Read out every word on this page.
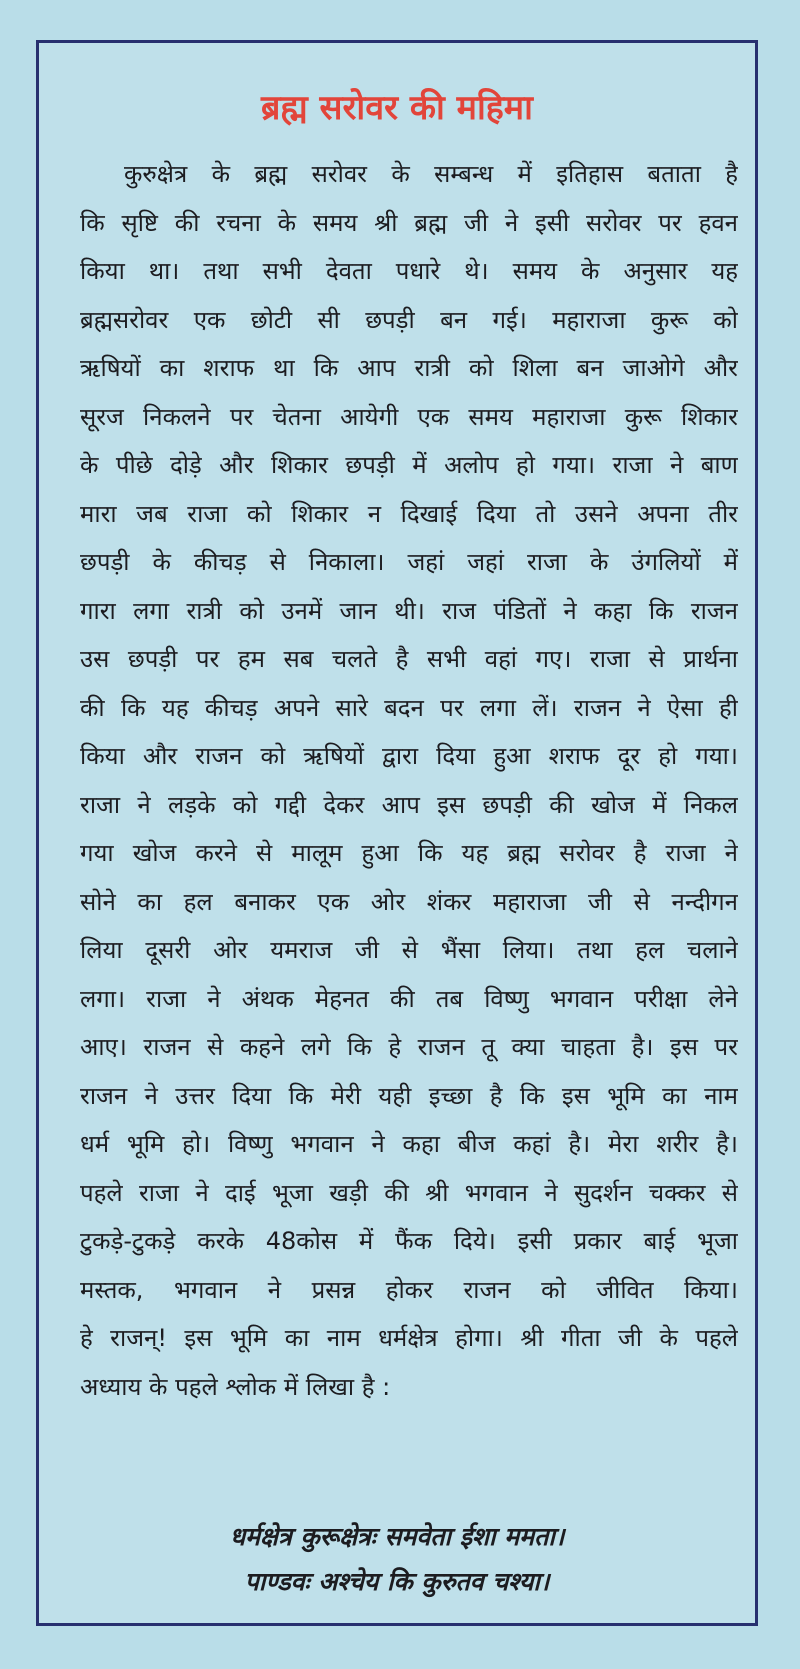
ब्रह्म सरोवर की महिमा
कुरुक्षेत्र के ब्रह्म सरोवर के सम्बन्ध में इतिहास बताता है
कि सृष्टि की रचना के समय श्री ब्रह्म जी ने इसी सरोवर पर हवन
किया था। तथा सभी देवता पधारे थे। समय के अनुसार यह
ब्रह्मसरोवर एक छोटी सी छपड़ी बन गई। महाराजा कुरू को
ऋषियों का शराफ था कि आप रात्री को शिला बन जाओगे और
सूरज निकलने पर चेतना आयेगी एक समय महाराजा कुरू शिकार
के पीछे दोड़े और शिकार छपड़ी में अलोप हो गया। राजा ने बाण
मारा जब राजा को शिकार न दिखाई दिया तो उसने अपना तीर
छपड़ी के कीचड़ से निकाला। जहां जहां राजा के उंगलियों में
गारा लगा रात्री को उनमें जान थी। राज पंडितों ने कहा कि राजन
उस छपड़ी पर हम सब चलते है सभी वहां गए। राजा से प्रार्थना
की कि यह कीचड़ अपने सारे बदन पर लगा लें। राजन ने ऐसा ही
किया और राजन को ऋषियों द्वारा दिया हुआ शराफ दूर हो गया।
राजा ने लड़के को गद्दी देकर आप इस छपड़ी की खोज में निकल
गया खोज करने से मालूम हुआ कि यह ब्रह्म सरोवर है राजा ने
सोने का हल बनाकर एक ओर शंकर महाराजा जी से नन्दीगन
लिया दूसरी ओर यमराज जी से भैंसा लिया। तथा हल चलाने
लगा। राजा ने अंथक मेहनत की तब विष्णु भगवान परीक्षा लेने
आए। राजन से कहने लगे कि हे राजन तू क्या चाहता है। इस पर
राजन ने उत्तर दिया कि मेरी यही इच्छा है कि इस भूमि का नाम
धर्म भूमि हो। विष्णु भगवान ने कहा बीज कहां है। मेरा शरीर है।
पहले राजा ने दाई भूजा खड़ी की श्री भगवान ने सुदर्शन चक्कर से
टुकड़े-टुकड़े करके 48कोस में फैंक दिये। इसी प्रकार बाई भूजा
मस्तक, भगवान ने प्रसन्न होकर राजन को जीवित किया।
हे राजन्! इस भूमि का नाम धर्मक्षेत्र होगा। श्री गीता जी के पहले
अध्याय के पहले श्लोक में लिखा है :

धर्मक्षेत्र कुरूक्षेत्रः समवेता ईशा ममता।

पाण्डवः अश्चेय कि कुरुतव चश्या।
